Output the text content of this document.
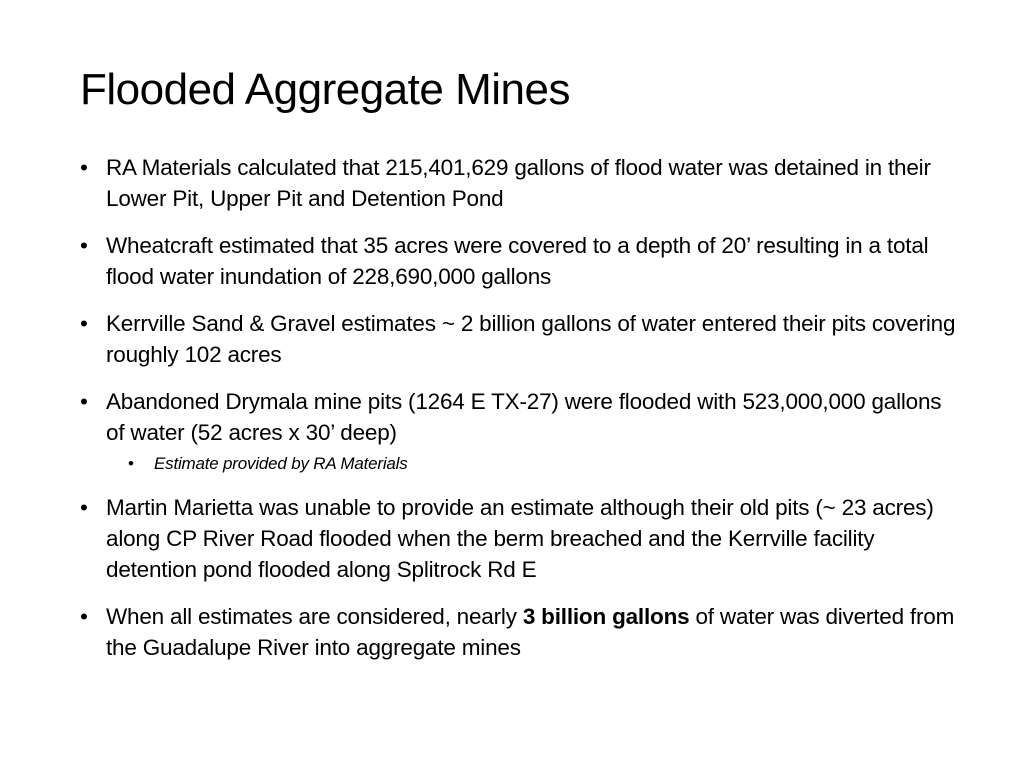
Flooded Aggregate Mines
• RA Materials calculated that 215,401,629 gallons of flood water was detained in their Lower Pit, Upper Pit and Detention Pond
• Wheatcraft estimated that 35 acres were covered to a depth of 20’ resulting in a total flood water inundation of 228,690,000 gallons
• Kerrville Sand & Gravel estimates ~ 2 billion gallons of water entered their pits covering roughly 102 acres
• Abandoned Drymala mine pits (1264 E TX-27) were flooded with 523,000,000 gallons of water (52 acres x 30’ deep)
• Estimate provided by RA Materials
• Martin Marietta was unable to provide an estimate although their old pits (~ 23 acres) along CP River Road flooded when the berm breached and the Kerrville facility detention pond flooded along Splitrock Rd E
• When all estimates are considered, nearly 3 billion gallons of water was diverted from the Guadalupe River into aggregate mines
